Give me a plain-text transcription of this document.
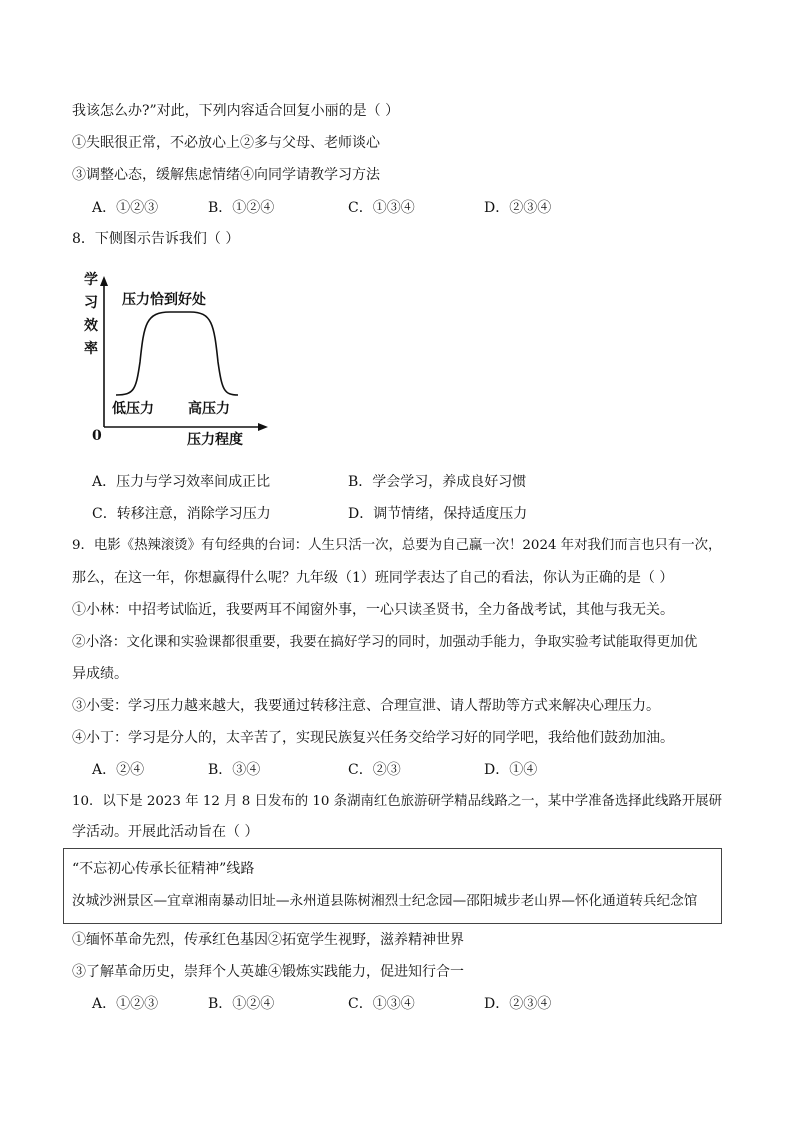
我该怎么办?”对此，下列内容适合回复小丽的是（ ）
①失眠很正常，不必放心上②多与父母、老师谈心
③调整心态，缓解焦虑情绪④向同学请教学习方法
A．①②③	B．①②④	C．①③④	D．②③④
8．下侧图示告诉我们（ ）
学
习
效
率
压力恰到好处
低压力 高压力
0	压力程度
A．压力与学习效率间成正比	B．学会学习，养成良好习惯
C．转移注意，消除学习压力	D．调节情绪，保持适度压力
9．电影《热辣滚烫》有句经典的台词：人生只活一次，总要为自己赢一次！2024 年对我们而言也只有一次，
那么，在这一年，你想赢得什么呢？九年级（1）班同学表达了自己的看法，你认为正确的是（ ）
①小林：中招考试临近，我要两耳不闻窗外事，一心只读圣贤书，全力备战考试，其他与我无关。
②小洛：文化课和实验课都很重要，我要在搞好学习的同时，加强动手能力，争取实验考试能取得更加优
异成绩。
③小雯：学习压力越来越大，我要通过转移注意、合理宣泄、请人帮助等方式来解决心理压力。
④小丁：学习是分人的，太辛苦了，实现民族复兴任务交给学习好的同学吧，我给他们鼓劲加油。
A．②④	B．③④	C．②③	D．①④
10．以下是 2023 年 12 月 8 日发布的 10 条湖南红色旅游研学精品线路之一，某中学准备选择此线路开展研
学活动。开展此活动旨在（ ）
“不忘初心传承长征精神”线路
汝城沙洲景区—宜章湘南暴动旧址—永州道县陈树湘烈士纪念园—邵阳城步老山界—怀化通道转兵纪念馆
①缅怀革命先烈，传承红色基因②拓宽学生视野，滋养精神世界
③了解革命历史，崇拜个人英雄④锻炼实践能力，促进知行合一
A．①②③	B．①②④	C．①③④	D．②③④
